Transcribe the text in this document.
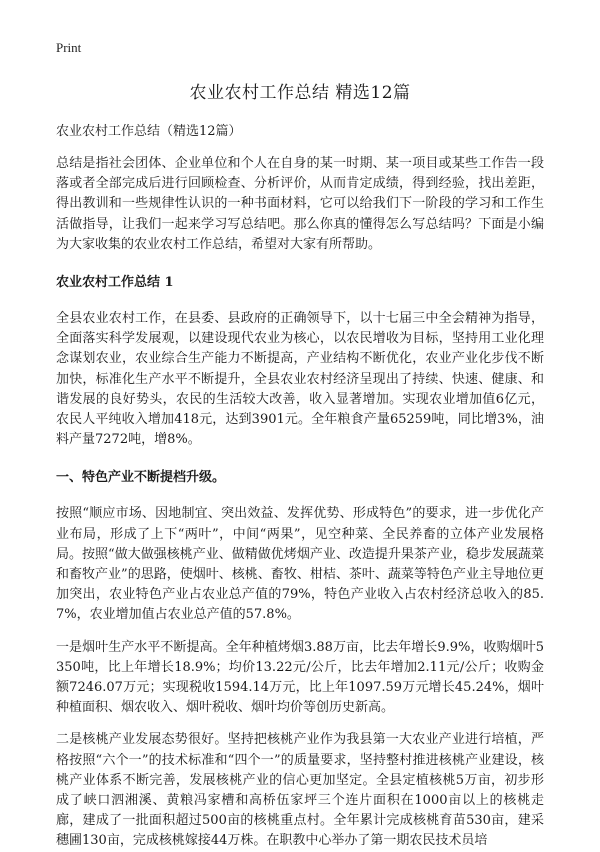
Print
农业农村工作总结 精选12篇
农业农村工作总结（精选12篇）

总结是指社会团体、企业单位和个人在自身的某一时期、某一项目或某些工作告一段落或者全部完成后进行回顾检查、分析评价，从而肯定成绩，得到经验，找出差距，得出教训和一些规律性认识的一种书面材料，它可以给我们下一阶段的学习和工作生活做指导，让我们一起来学习写总结吧。那么你真的懂得怎么写总结吗？下面是小编为大家收集的农业农村工作总结，希望对大家有所帮助。

农业农村工作总结 1

全县农业农村工作，在县委、县政府的正确领导下，以十七届三中全会精神为指导，全面落实科学发展观，以建设现代农业为核心，以农民增收为目标，坚持用工业化理念谋划农业，农业综合生产能力不断提高，产业结构不断优化，农业产业化步伐不断加快，标准化生产水平不断提升，全县农业农村经济呈现出了持续、快速、健康、和谐发展的良好势头，农民的生活较大改善，收入显著增加。实现农业增加值6亿元，农民人平纯收入增加418元，达到3901元。全年粮食产量65259吨，同比增3%，油料产量7272吨，增8%。

一、特色产业不断提档升级。

按照“顺应市场、因地制宜、突出效益、发挥优势、形成特色”的要求，进一步优化产业布局，形成了上下“两叶”，中间“两果”，见空种菜、全民养畜的立体产业发展格局。按照“做大做强核桃产业、做精做优烤烟产业、改造提升果茶产业，稳步发展蔬菜和畜牧产业”的思路，使烟叶、核桃、畜牧、柑桔、茶叶、蔬菜等特色产业主导地位更加突出，农业特色产业占农业总产值的79%，特色产业收入占农村经济总收入的85.7%，农业增加值占农业总产值的57.8%。

一是烟叶生产水平不断提高。全年种植烤烟3.88万亩，比去年增长9.9%，收购烟叶5350吨，比上年增长18.9%；均价13.22元/公斤，比去年增加2.11元/公斤；收购金额7246.07万元；实现税收1594.14万元，比上年1097.59万元增长45.24%，烟叶种植面积、烟农收入、烟叶税收、烟叶均价等创历史新高。

二是核桃产业发展态势很好。坚持把核桃产业作为我县第一大农业产业进行培植，严格按照“六个一”的技术标准和“四个一”的质量要求，坚持整村推进核桃产业建设，核桃产业体系不断完善，发展核桃产业的信心更加坚定。全县定植核桃5万亩，初步形成了峡口泗湘溪、黄粮冯家槽和高桥伍家坪三个连片面积在1000亩以上的核桃走廊，建成了一批面积超过500亩的核桃重点村。全年累计完成核桃育苗530亩，建采穗圃130亩，完成核桃嫁接44万株。在职教中心举办了第一期农民技术员培
